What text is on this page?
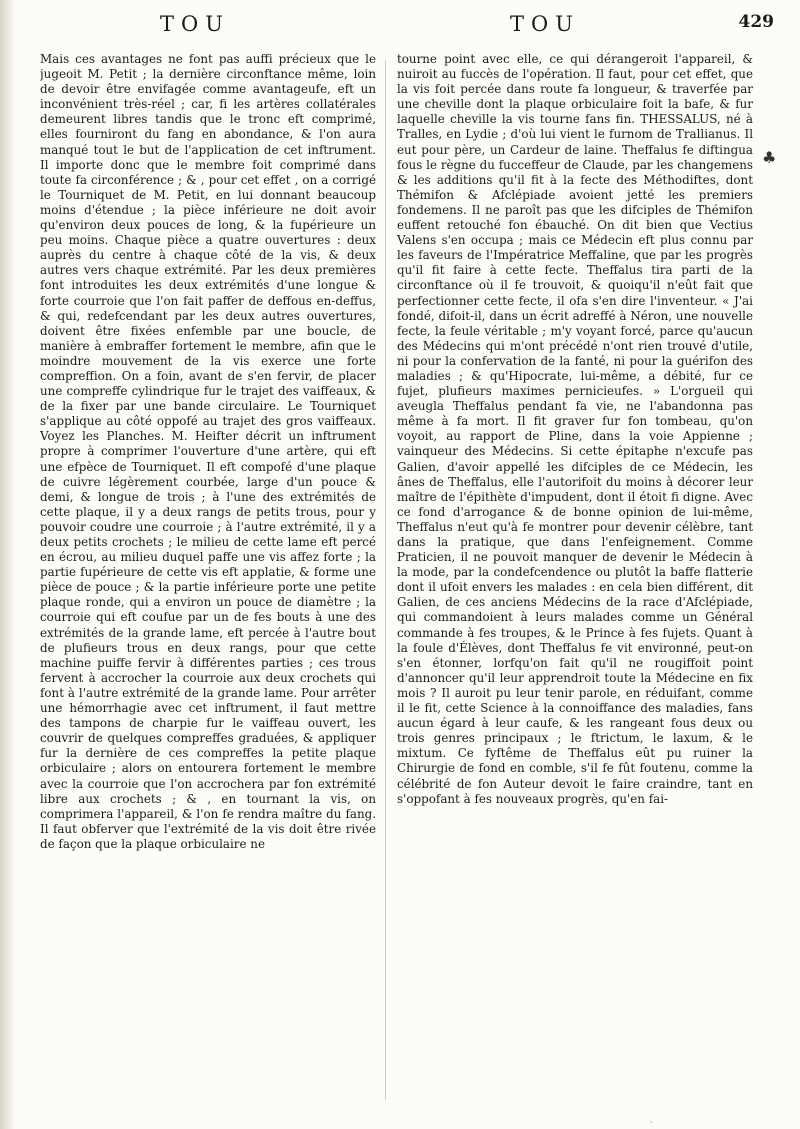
TOU	TOU	429

Mais ces avantages ne font pas auffi précieux que le jugeoit M. Petit ; la dernière circonftance même, loin de devoir être envifagée comme avantageufe, eft un inconvénient très-réel ; car, fi les artères collatérales demeurent libres tandis que le tronc eft comprimé, elles fourniront du fang en abondance, & l'on aura manqué tout le but de l'application de cet inftrument. Il importe donc que le membre foit comprimé dans toute fa circonférence ; & , pour cet effet , on a corrigé le Tourniquet de M. Petit, en lui donnant beaucoup moins d'étendue ; la pièce inférieure ne doit avoir qu'environ deux pouces de long, & la fupérieure un peu moins. Chaque pièce a quatre ouvertures : deux auprès du centre à chaque côté de la vis, & deux autres vers chaque extrémité. Par les deux premières font introduites les deux extrémités d'une longue & forte courroie que l'on fait paffer de deffous en-deffus, & qui, redefcendant par les deux autres ouvertures, doivent être fixées enfemble par une boucle, de manière à embraffer fortement le membre, afin que le moindre mouvement de la vis exerce une forte compreffion. On a foin, avant de s'en fervir, de placer une compreffe cylindrique fur le trajet des vaiffeaux, & de la fixer par une bande circulaire. Le Tourniquet s'applique au côté oppofé au trajet des gros vaiffeaux. Voyez les Planches. M. Heifter décrit un inftrument propre à comprimer l'ouverture d'une artère, qui eft une efpèce de Tourniquet. Il eft compofé d'une plaque de cuivre légèrement courbée, large d'un pouce & demi, & longue de trois ; à l'une des extrémités de cette plaque, il y a deux rangs de petits trous, pour y pouvoir coudre une courroie ; à l'autre extrémité, il y a deux petits crochets ; le milieu de cette lame eft percé en écrou, au milieu duquel paffe une vis affez forte ; la partie fupérieure de cette vis eft applatie, & forme une pièce de pouce ; & la partie inférieure porte une petite plaque ronde, qui a environ un pouce de diamètre ; la courroie qui eft coufue par un de fes bouts à une des extrémités de la grande lame, eft percée à l'autre bout de plufieurs trous en deux rangs, pour que cette machine puiffe fervir à différentes parties ; ces trous fervent à accrocher la courroie aux deux crochets qui font à l'autre extrémité de la grande lame. Pour arrêter une hémorrhagie avec cet inftrument, il faut mettre des tampons de charpie fur le vaiffeau ouvert, les couvrir de quelques compreffes graduées, & appliquer fur la dernière de ces compreffes la petite plaque orbiculaire ; alors on entourera fortement le membre avec la courroie que l'on accrochera par fon extrémité libre aux crochets ; & , en tournant la vis, on comprimera l'appareil, & l'on fe rendra maître du fang. Il faut obferver que l'extrémité de la vis doit être rivée de façon que la plaque orbiculaire ne

tourne point avec elle, ce qui dérangeroit l'appareil, & nuiroit au fuccès de l'opération. Il faut, pour cet effet, que la vis foit percée dans route fa longueur, & traverfée par une cheville dont la plaque orbiculaire foit la bafe, & fur laquelle cheville la vis tourne fans fin. THESSALUS, né à Tralles, en Lydie ; d'où lui vient le furnom de Trallianus. Il eut pour père, un Cardeur de laine. Theffalus fe diftingua fous le règne du fucceffeur de Claude, par les changemens & les additions qu'il fit à la fecte des Méthodiftes, dont Thémifon & Afclépiade avoient jetté les premiers fondemens. Il ne paroît pas que les difciples de Thémifon euffent retouché fon ébauché. On dit bien que Vectius Valens s'en occupa ; mais ce Médecin eft plus connu par les faveurs de l'Impératrice Meffaline, que par les progrès qu'il fit faire à cette fecte. Theffalus tira parti de la circonftance où il fe trouvoit, & quoiqu'il n'eût fait que perfectionner cette fecte, il ofa s'en dire l'inventeur. « J'ai fondé, difoit-il, dans un écrit adreffé à Néron, une nouvelle fecte, la feule véritable ; m'y voyant forcé, parce qu'aucun des Médecins qui m'ont précédé n'ont rien trouvé d'utile, ni pour la confervation de la fanté, ni pour la guérifon des maladies ; & qu'Hipocrate, lui-même, a débité, fur ce fujet, plufieurs maximes pernicieufes. » L'orgueil qui aveugla Theffalus pendant fa vie, ne l'abandonna pas même à fa mort. Il fit graver fur fon tombeau, qu'on voyoit, au rapport de Pline, dans la voie Appienne ; vainqueur des Médecins. Si cette épitaphe n'excufe pas Galien, d'avoir appellé les difciples de ce Médecin, les ânes de Theffalus, elle l'autorifoit du moins à décorer leur maître de l'épithète d'impudent, dont il étoit fi digne. Avec ce fond d'arrogance & de bonne opinion de lui-même, Theffalus n'eut qu'à fe montrer pour devenir célèbre, tant dans la pratique, que dans l'enfeignement. Comme Praticien, il ne pouvoit manquer de devenir le Médecin à la mode, par la condefcendence ou plutôt la baffe flatterie dont il ufoit envers les malades : en cela bien différent, dit Galien, de ces anciens Médecins de la race d'Afclépiade, qui commandoient à leurs malades comme un Général commande à fes troupes, & le Prince à fes fujets. Quant à la foule d'Élèves, dont Theffalus fe vit environné, peut-on s'en étonner, lorfqu'on fait qu'il ne rougiffoit point d'annoncer qu'il leur apprendroit toute la Médecine en fix mois ? Il auroit pu leur tenir parole, en réduifant, comme il le fit, cette Science à la connoiffance des maladies, fans aucun égard à leur caufe, & les rangeant fous deux ou trois genres principaux ; le ftrictum, le laxum, & le mixtum. Ce fyftême de Theffalus eût pu ruiner la Chirurgie de fond en comble, s'il fe fût foutenu, comme la célébrité de fon Auteur devoit le faire craindre, tant en s'oppofant à fes nouveaux progrès, qu'en fai-

♣
·
